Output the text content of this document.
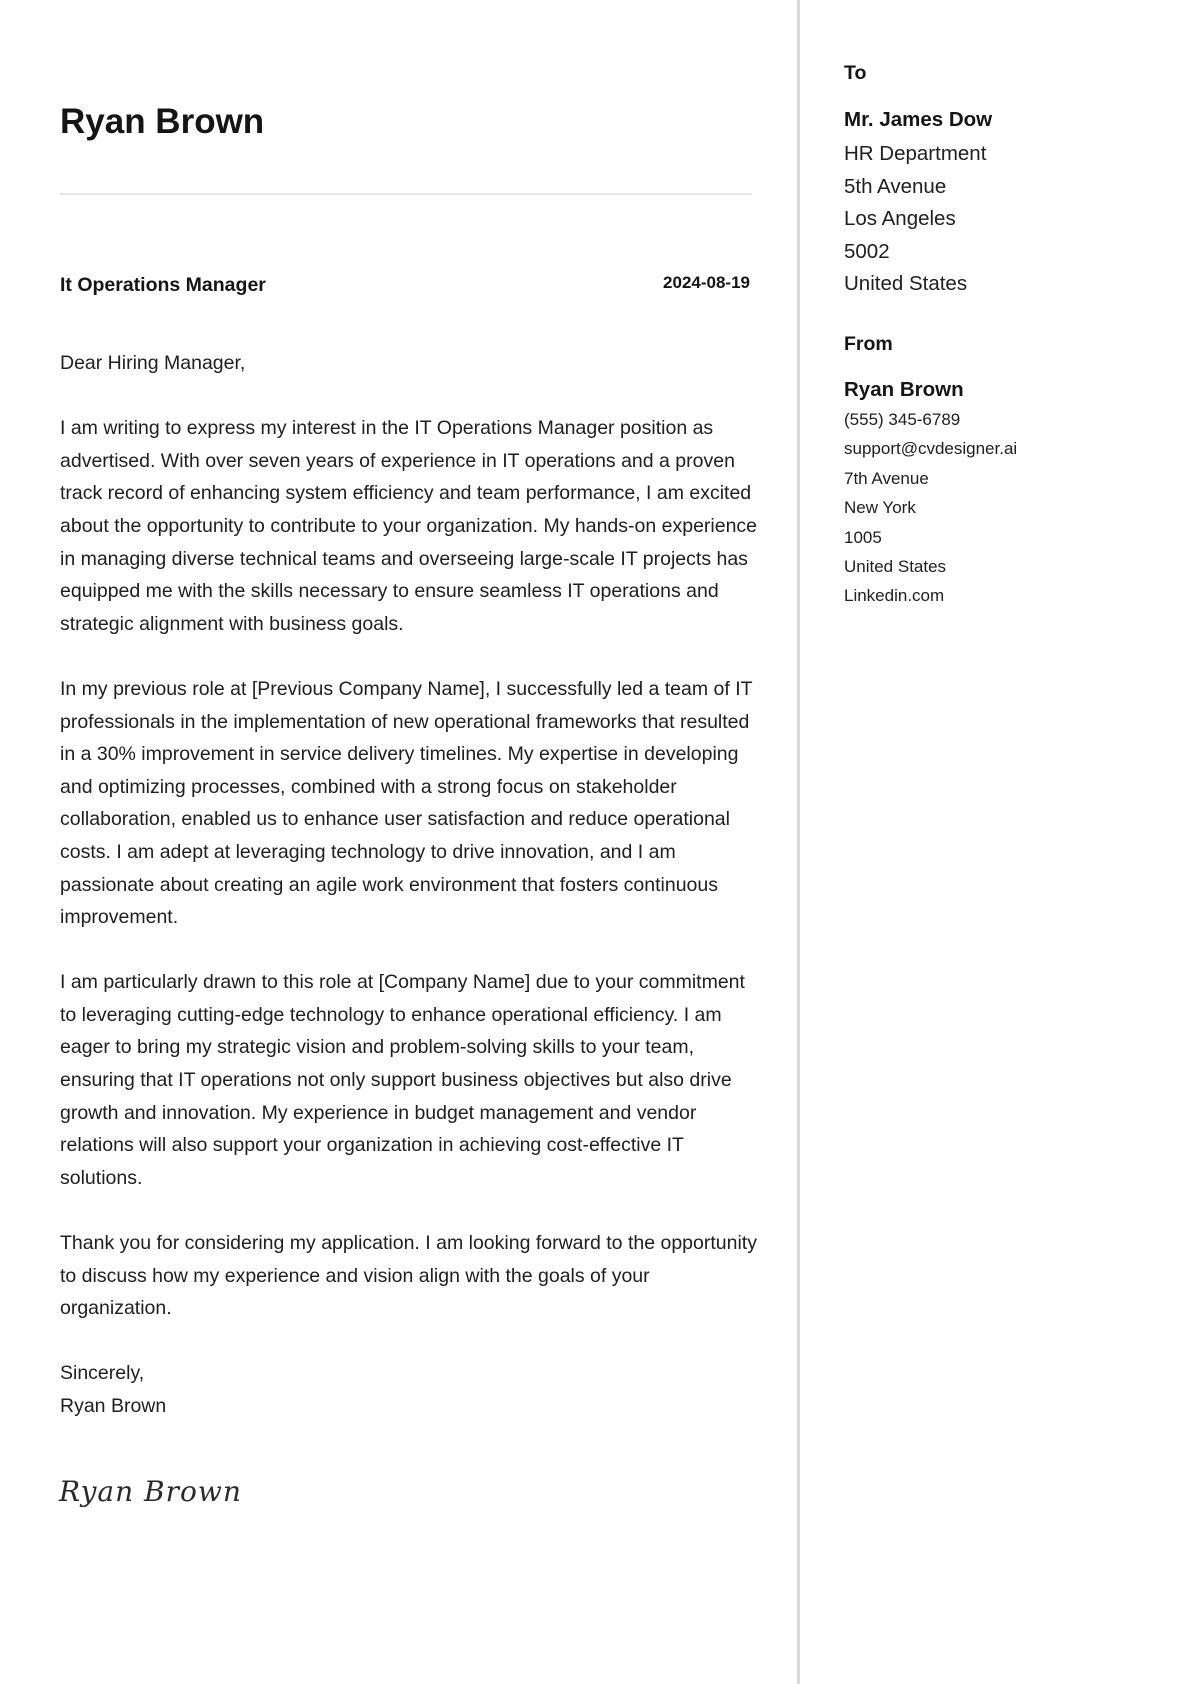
Ryan Brown
It Operations Manager	2024-08-19

Dear Hiring Manager,

I am writing to express my interest in the IT Operations Manager position as advertised. With over seven years of experience in IT operations and a proven track record of enhancing system efficiency and team performance, I am excited about the opportunity to contribute to your organization. My hands-on experience in managing diverse technical teams and overseeing large-scale IT projects has equipped me with the skills necessary to ensure seamless IT operations and strategic alignment with business goals.

In my previous role at [Previous Company Name], I successfully led a team of IT professionals in the implementation of new operational frameworks that resulted in a 30% improvement in service delivery timelines. My expertise in developing and optimizing processes, combined with a strong focus on stakeholder collaboration, enabled us to enhance user satisfaction and reduce operational costs. I am adept at leveraging technology to drive innovation, and I am passionate about creating an agile work environment that fosters continuous improvement.

I am particularly drawn to this role at [Company Name] due to your commitment to leveraging cutting-edge technology to enhance operational efficiency. I am eager to bring my strategic vision and problem-solving skills to your team, ensuring that IT operations not only support business objectives but also drive growth and innovation. My experience in budget management and vendor relations will also support your organization in achieving cost-effective IT solutions.

Thank you for considering my application. I am looking forward to the opportunity to discuss how my experience and vision align with the goals of your organization.

Sincerely,

Ryan Brown

Ryan Brown
To
Mr. James Dow
HR Department
5th Avenue
Los Angeles
5002
United States
From
Ryan Brown
(555) 345-6789
support@cvdesigner.ai
7th Avenue
New York
1005
United States
Linkedin.com
